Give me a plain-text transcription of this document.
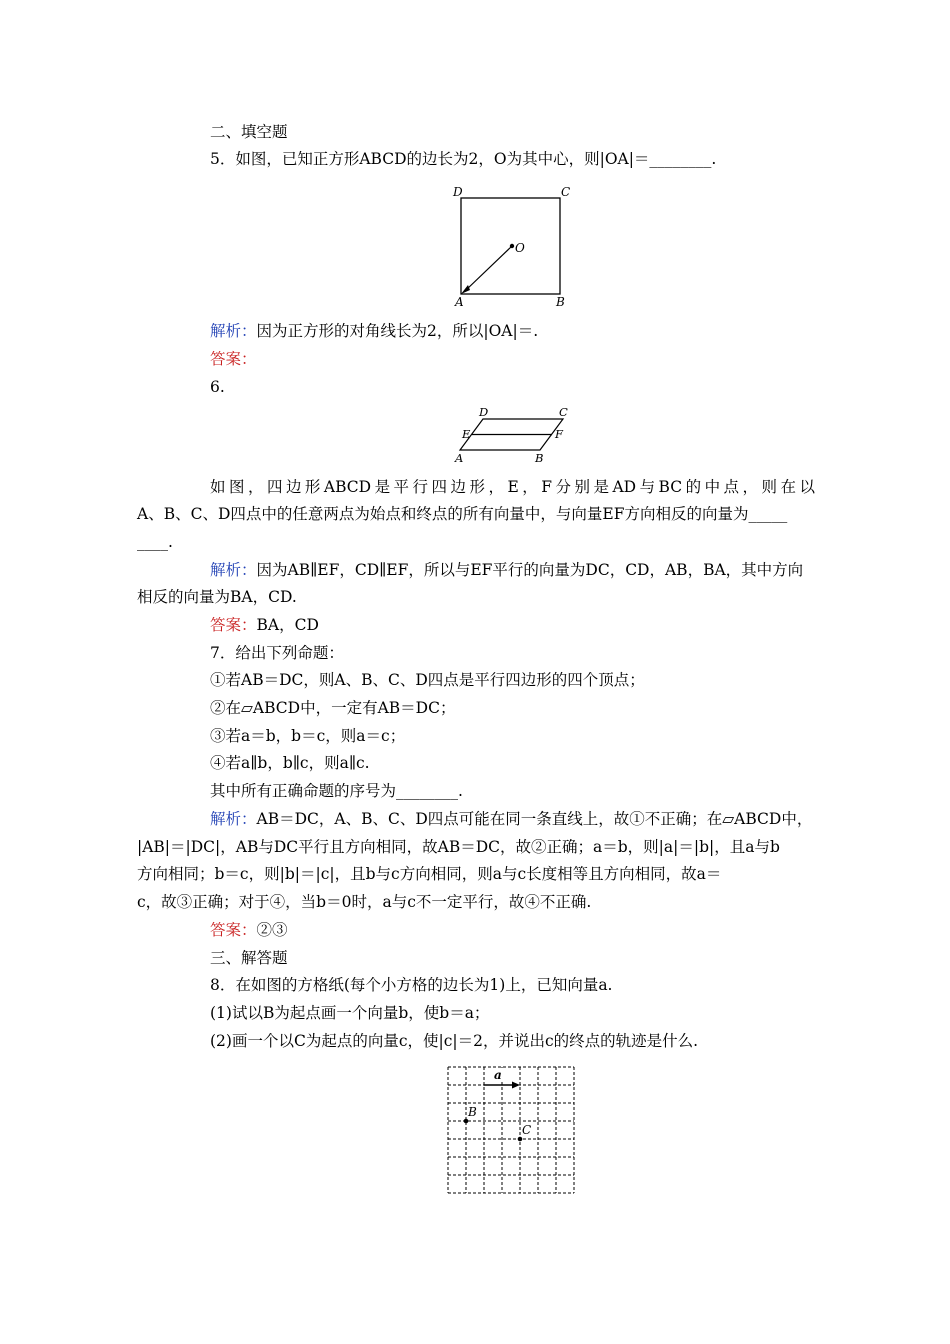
二、填空题
5．如图，已知正方形ABCD的边长为2，O为其中心，则|OA|＝________.
D	C
O
A	B
解析：因为正方形的对角线长为2，所以|OA|＝.
答案：
6.
D	C
E	F
A	B
如图，四边形ABCD是平行四边形，E，F分别是AD与BC的中点，则在以
A、B、C、D四点中的任意两点为始点和终点的所有向量中，与向量EF方向相反的向量为_____
____.
解析：因为AB∥EF，CD∥EF，所以与EF平行的向量为DC，CD，AB，BA，其中方向
相反的向量为BA，CD.
答案：BA，CD
7．给出下列命题：
①若AB＝DC，则A、B、C、D四点是平行四边形的四个顶点；
②在▱ABCD中，一定有AB＝DC；
③若a＝b，b＝c，则a＝c；
④若a∥b，b∥c，则a∥c.
其中所有正确命题的序号为________.
解析：AB＝DC，A、B、C、D四点可能在同一条直线上，故①不正确；在▱ABCD中，
|AB|＝|DC|，AB与DC平行且方向相同，故AB＝DC，故②正确；a＝b，则|a|＝|b|，且a与b
方向相同；b＝c，则|b|＝|c|，且b与c方向相同，则a与c长度相等且方向相同，故a＝
c，故③正确；对于④，当b＝0时，a与c不一定平行，故④不正确.
答案：②③
三、解答题
8．在如图的方格纸(每个小方格的边长为1)上，已知向量a.
(1)试以B为起点画一个向量b，使b＝a；
(2)画一个以C为起点的向量c，使|c|＝2，并说出c的终点的轨迹是什么.
a
B
C
